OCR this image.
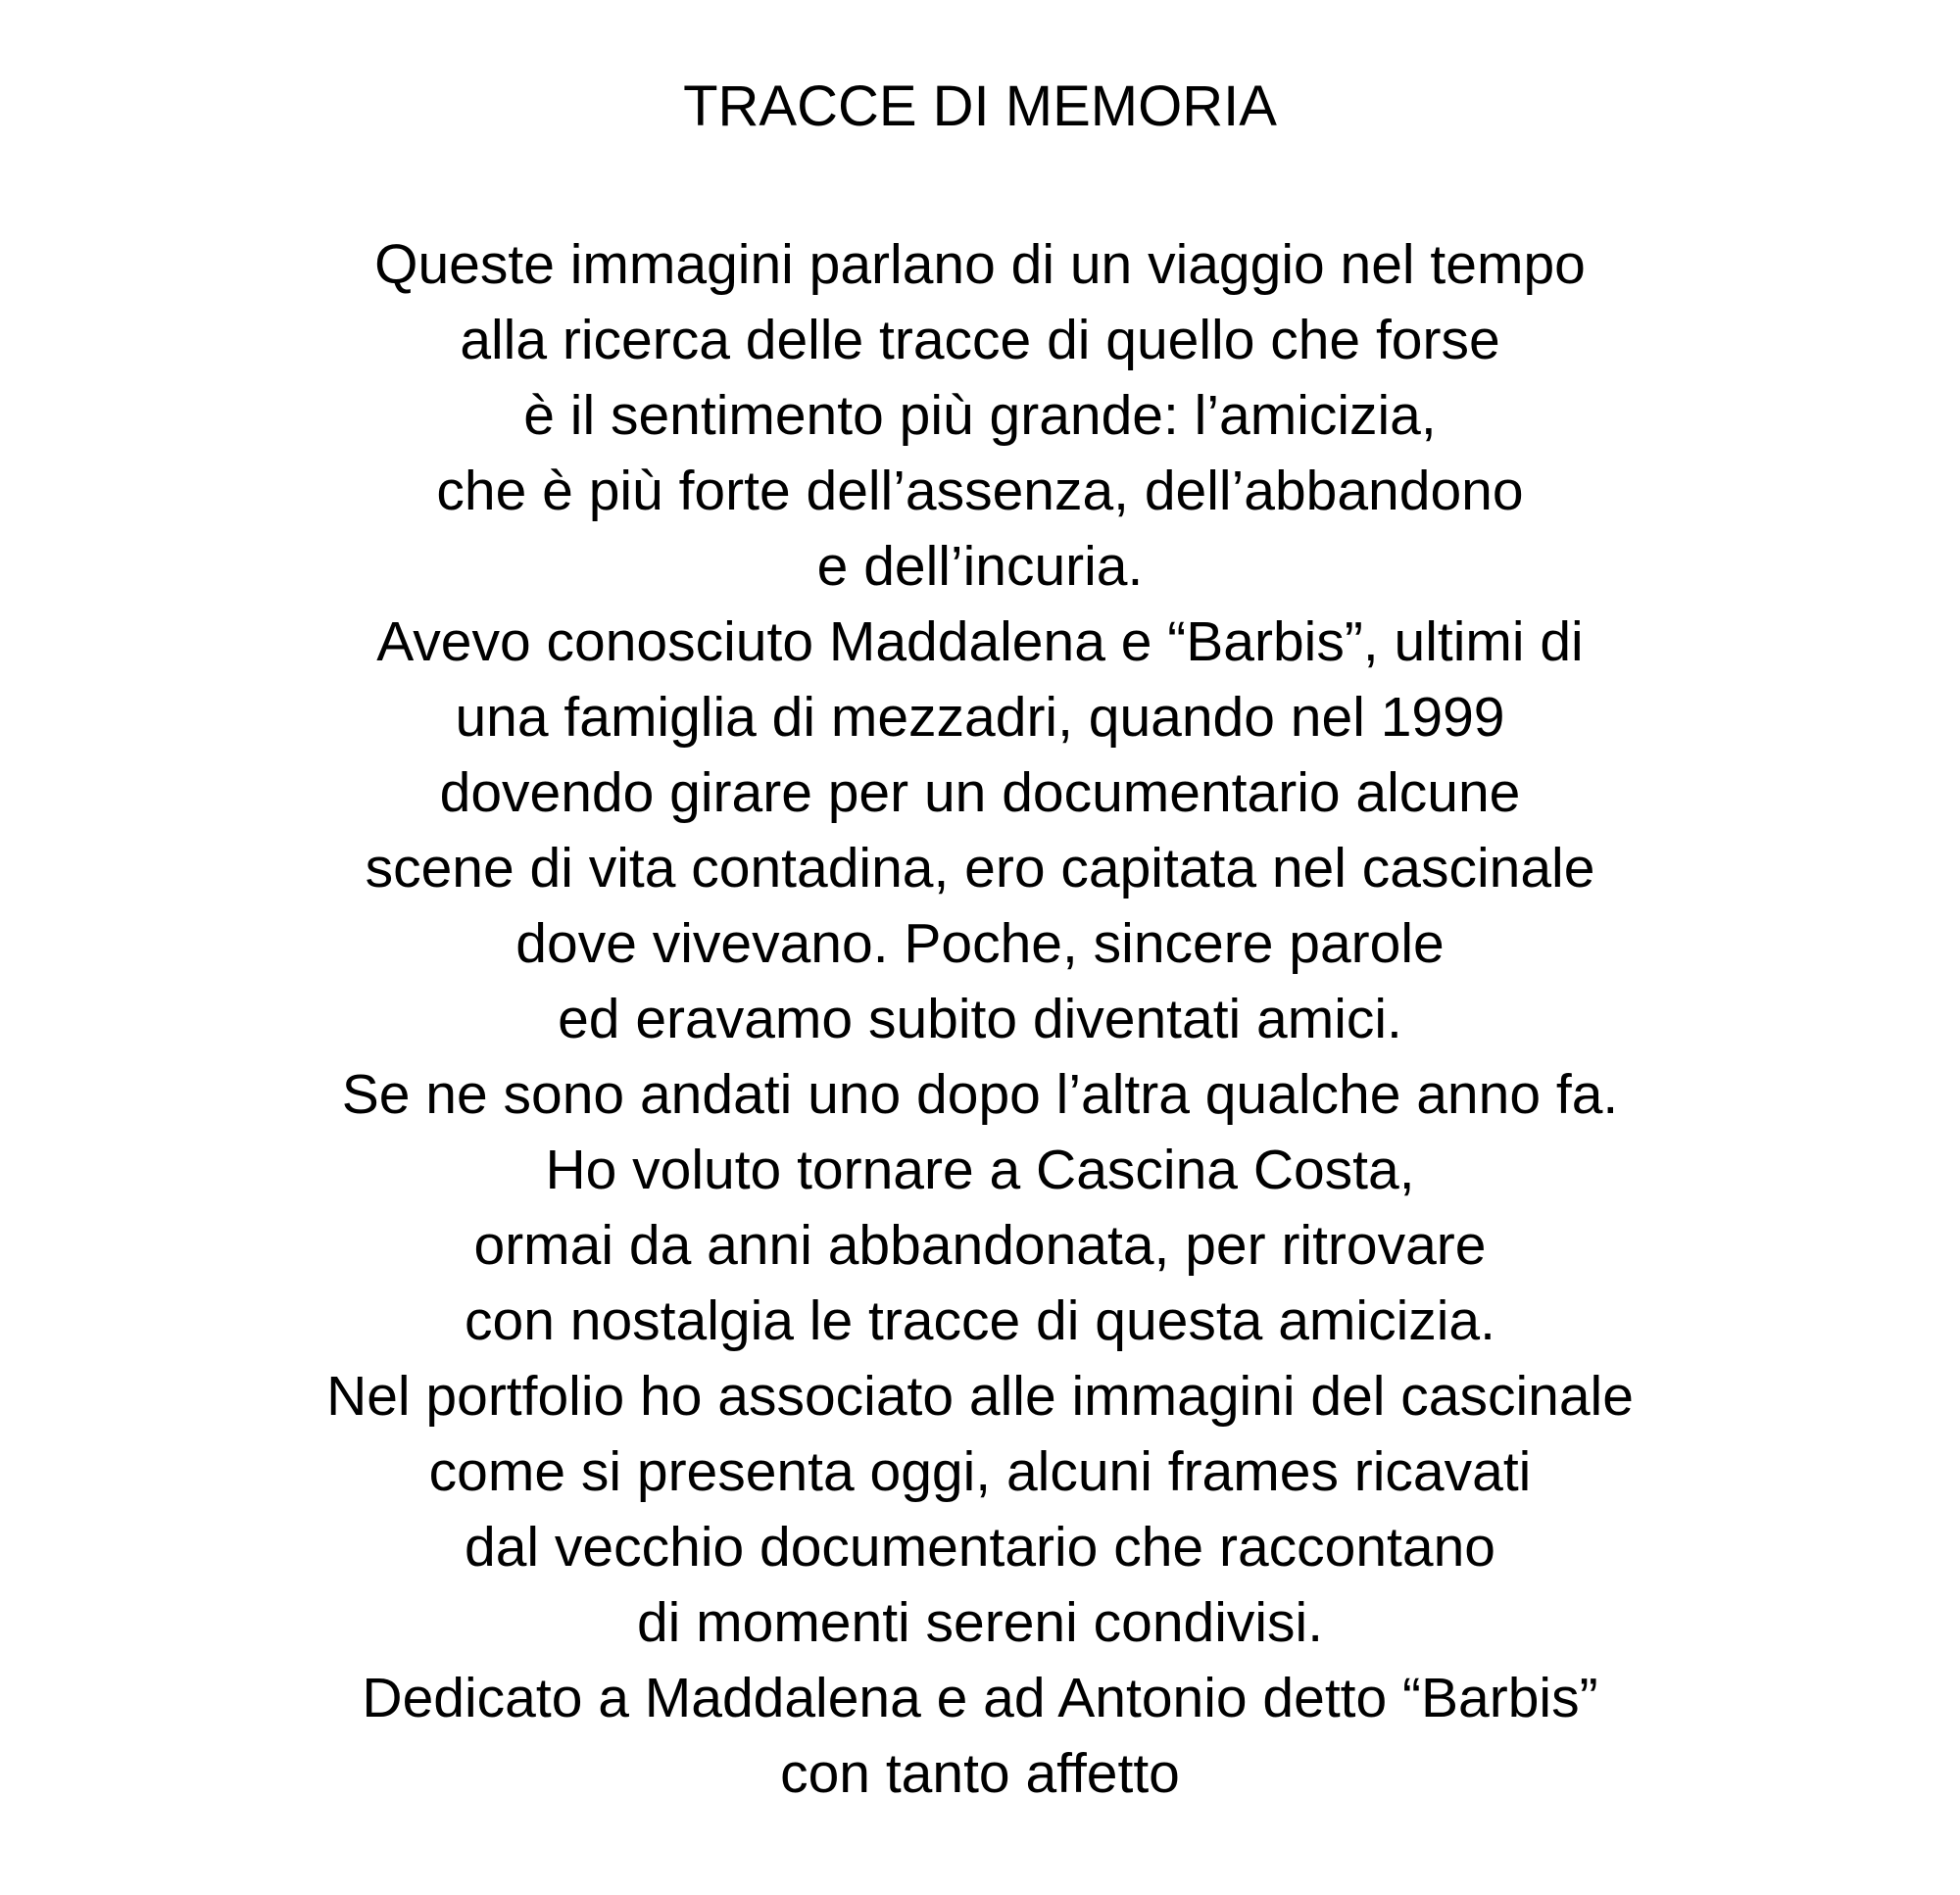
TRACCE DI MEMORIA
Queste immagini parlano di un viaggio nel tempo
alla ricerca delle tracce di quello che forse
è il sentimento più grande: l’amicizia,
che è più forte dell’assenza, dell’abbandono
e dell’incuria.
Avevo conosciuto Maddalena e “Barbis”, ultimi di
una famiglia di mezzadri, quando nel 1999
dovendo girare per un documentario alcune
scene di vita contadina, ero capitata nel cascinale
dove vivevano. Poche, sincere parole
ed eravamo subito diventati amici.
Se ne sono andati uno dopo l’altra qualche anno fa.
Ho voluto tornare a Cascina Costa,
ormai da anni abbandonata, per ritrovare
con nostalgia le tracce di questa amicizia.
Nel portfolio ho associato alle immagini del cascinale
come si presenta oggi, alcuni frames ricavati
dal vecchio documentario che raccontano
di momenti sereni condivisi.
Dedicato a Maddalena e ad Antonio detto “Barbis”
con tanto affetto
